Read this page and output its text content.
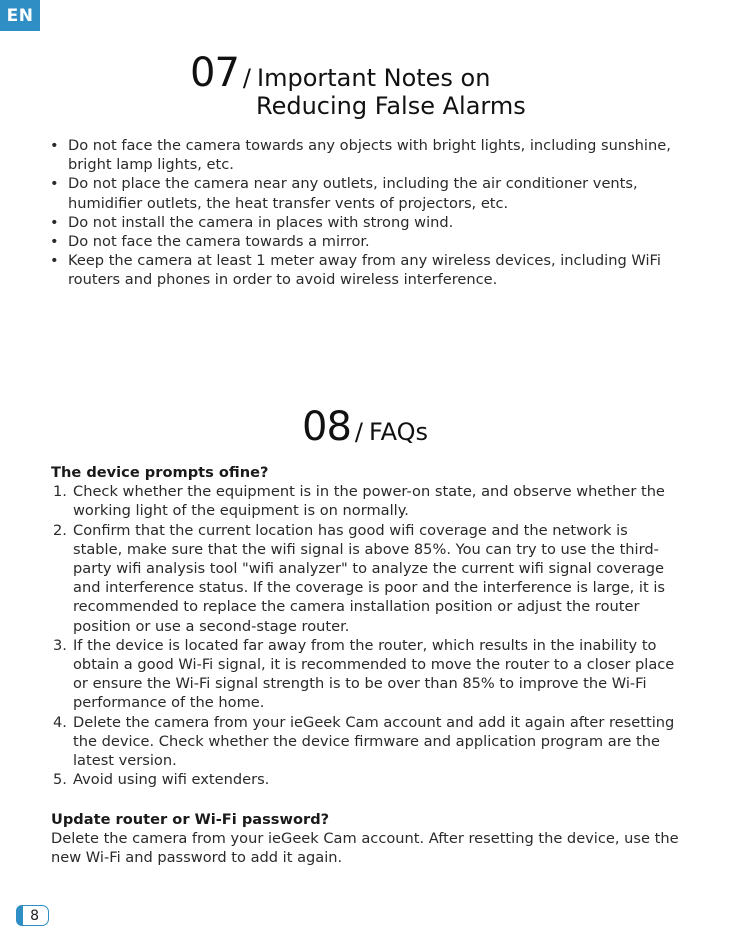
EN
07 / Important Notes on
Reducing False Alarms
• Do not face the camera towards any objects with bright lights, including sunshine, bright lamp lights, etc.
• Do not place the camera near any outlets, including the air conditioner vents, humidifier outlets, the heat transfer vents of projectors, etc.
• Do not install the camera in places with strong wind.
• Do not face the camera towards a mirror.
• Keep the camera at least 1 meter away from any wireless devices, including WiFi routers and phones in order to avoid wireless interference.
08 / FAQs
The device prompts ofine?
1. Check whether the equipment is in the power-on state, and observe whether the working light of the equipment is on normally.
2. Confirm that the current location has good wifi coverage and the network is stable, make sure that the wifi signal is above 85%. You can try to use the third-party wifi analysis tool "wifi analyzer" to analyze the current wifi signal coverage and interference status. If the coverage is poor and the interference is large, it is recommended to replace the camera installation position or adjust the router position or use a second-stage router.
3. If the device is located far away from the router, which results in the inability to obtain a good Wi-Fi signal, it is recommended to move the router to a closer place or ensure the Wi-Fi signal strength is to be over than 85% to improve the Wi-Fi performance of the home.
4. Delete the camera from your ieGeek Cam account and add it again after resetting the device. Check whether the device firmware and application program are the latest version.
5. Avoid using wifi extenders.
Update router or Wi-Fi password?
Delete the camera from your ieGeek Cam account. After resetting the device, use the new Wi-Fi and password to add it again.
8
